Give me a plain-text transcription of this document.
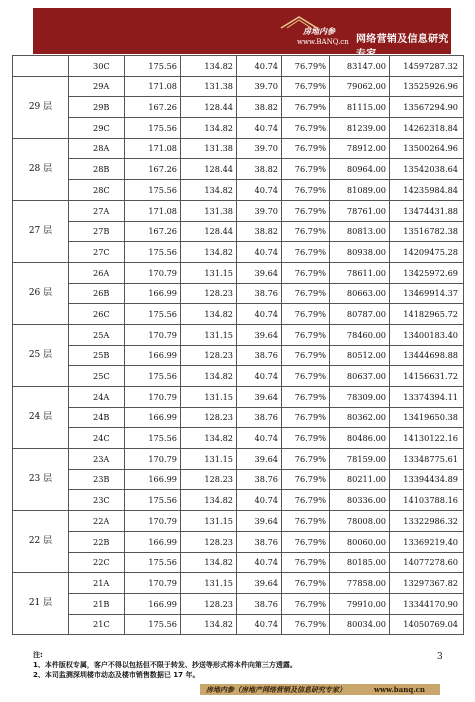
房地内参
www.BANQ.cn 网络营销及信息研究专家
	30C	175.56	134.82	40.74	76.79%	83147.00	14597287.32
29 层	29A	171.08	131.38	39.70	76.79%	79062.00	13525926.96
	29B	167.26	128.44	38.82	76.79%	81115.00	13567294.90
	29C	175.56	134.82	40.74	76.79%	81239.00	14262318.84
28 层	28A	171.08	131.38	39.70	76.79%	78912.00	13500264.96
	28B	167.26	128.44	38.82	76.79%	80964.00	13542038.64
	28C	175.56	134.82	40.74	76.79%	81089.00	14235984.84
27 层	27A	171.08	131.38	39.70	76.79%	78761.00	13474431.88
	27B	167.26	128.44	38.82	76.79%	80813.00	13516782.38
	27C	175.56	134.82	40.74	76.79%	80938.00	14209475.28
26 层	26A	170.79	131.15	39.64	76.79%	78611.00	13425972.69
	26B	166.99	128.23	38.76	76.79%	80663.00	13469914.37
	26C	175.56	134.82	40.74	76.79%	80787.00	14182965.72
25 层	25A	170.79	131.15	39.64	76.79%	78460.00	13400183.40
	25B	166.99	128.23	38.76	76.79%	80512.00	13444698.88
	25C	175.56	134.82	40.74	76.79%	80637.00	14156631.72
24 层	24A	170.79	131.15	39.64	76.79%	78309.00	13374394.11
	24B	166.99	128.23	38.76	76.79%	80362.00	13419650.38
	24C	175.56	134.82	40.74	76.79%	80486.00	14130122.16
23 层	23A	170.79	131.15	39.64	76.79%	78159.00	13348775.61
	23B	166.99	128.23	38.76	76.79%	80211.00	13394434.89
	23C	175.56	134.82	40.74	76.79%	80336.00	14103788.16
22 层	22A	170.79	131.15	39.64	76.79%	78008.00	13322986.32
	22B	166.99	128.23	38.76	76.79%	80060.00	13369219.40
	22C	175.56	134.82	40.74	76.79%	80185.00	14077278.60
21 层	21A	170.79	131.15	39.64	76.79%	77858.00	13297367.82
	21B	166.99	128.23	38.76	76.79%	79910.00	13344170.90
	21C	175.56	134.82	40.74	76.79%	80034.00	14050769.04
注:
1、本件版权专属，客户不得以包括但不限于转发、抄送等形式将本件向第三方透露。
2、本司监测深圳楼市动态及楼市销售数据已 17 年。
3
房地内参（房地产网络营销及信息研究专家）	www.banq.cn
